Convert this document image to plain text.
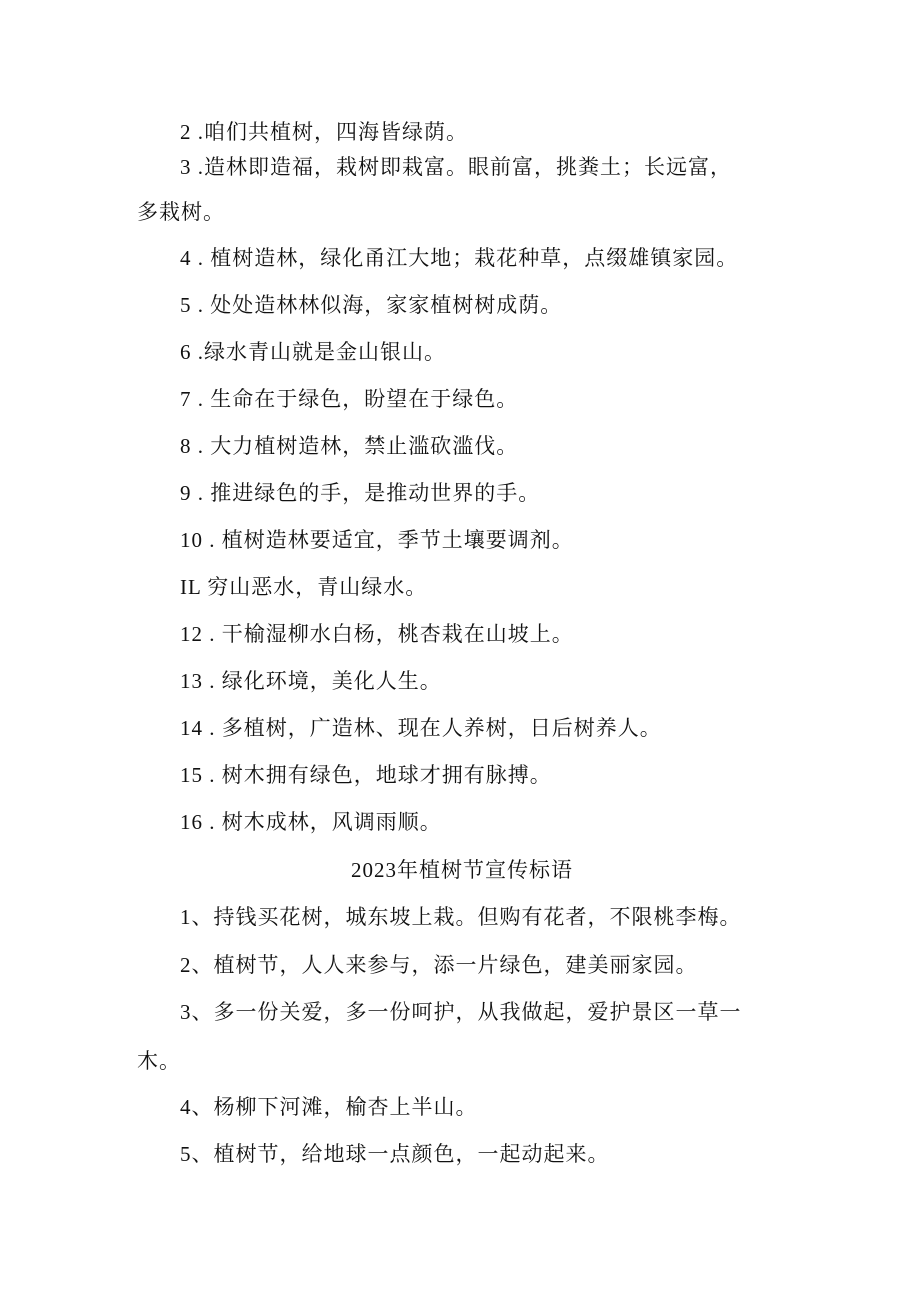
2 .咱们共植树，四海皆绿荫。
3 .造林即造福，栽树即栽富。眼前富，挑粪土；长远富，
多栽树。
4 . 植树造林，绿化甬江大地；栽花种草，点缀雄镇家园。
5 . 处处造林林似海，家家植树树成荫。
6 .绿水青山就是金山银山。
7 . 生命在于绿色，盼望在于绿色。
8 . 大力植树造林，禁止滥砍滥伐。
9 . 推进绿色的手，是推动世界的手。
10 . 植树造林要适宜，季节土壤要调剂。
IL 穷山恶水，青山绿水。
12 . 干榆湿柳水白杨，桃杏栽在山坡上。
13 . 绿化环境，美化人生。
14 . 多植树，广造林、现在人养树，日后树养人。
15 . 树木拥有绿色，地球才拥有脉搏。
16 . 树木成林，风调雨顺。
2023年植树节宣传标语
1、持钱买花树，城东坡上栽。但购有花者，不限桃李梅。
2、植树节，人人来参与，添一片绿色，建美丽家园。
3、多一份关爱，多一份呵护，从我做起，爱护景区一草一
木。
4、杨柳下河滩，榆杏上半山。
5、植树节，给地球一点颜色，一起动起来。
